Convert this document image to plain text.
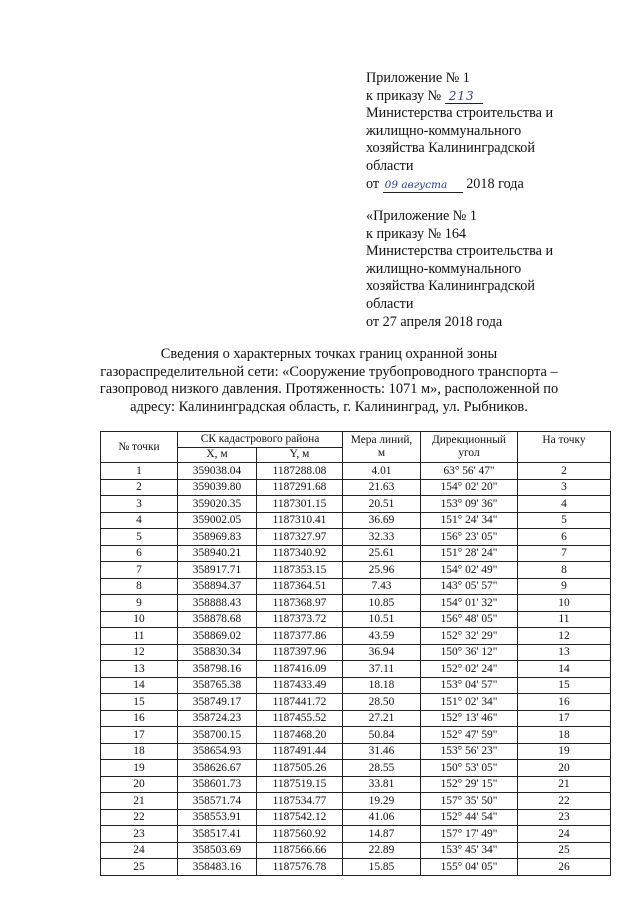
Приложение № 1
к приказу № 213
Министерства строительства и
жилищно-коммунального
хозяйства Калининградской
области
от 09 августа 2018 года
«Приложение № 1
к приказу № 164
Министерства строительства и
жилищно-коммунального
хозяйства Калининградской
области
от 27 апреля 2018 года
Сведения о характерных точках границ охранной зоны
газораспределительной сети: «Сооружение трубопроводного транспорта –
газопровод низкого давления. Протяженность: 1071 м», расположенной по
адресу: Калининградская область, г. Калининград, ул. Рыбников.
№ точки	СК кадастрового района		Мера линий, м	Дирекционный угол	На точку
	X, м	Y, м			
1	359038.04	1187288.08	4.01	63° 56' 47"	2
2	359039.80	1187291.68	21.63	154° 02' 20"	3
3	359020.35	1187301.15	20.51	153° 09' 36"	4
4	359002.05	1187310.41	36.69	151° 24' 34"	5
5	358969.83	1187327.97	32.33	156° 23' 05"	6
6	358940.21	1187340.92	25.61	151° 28' 24"	7
7	358917.71	1187353.15	25.96	154° 02' 49"	8
8	358894.37	1187364.51	7.43	143° 05' 57"	9
9	358888.43	1187368.97	10.85	154° 01' 32"	10
10	358878.68	1187373.72	10.51	156° 48' 05"	11
11	358869.02	1187377.86	43.59	152° 32' 29"	12
12	358830.34	1187397.96	36.94	150° 36' 12"	13
13	358798.16	1187416.09	37.11	152° 02' 24"	14
14	358765.38	1187433.49	18.18	153° 04' 57"	15
15	358749.17	1187441.72	28.50	151° 02' 34"	16
16	358724.23	1187455.52	27.21	152° 13' 46"	17
17	358700.15	1187468.20	50.84	152° 47' 59"	18
18	358654.93	1187491.44	31.46	153° 56' 23"	19
19	358626.67	1187505.26	28.55	150° 53' 05"	20
20	358601.73	1187519.15	33.81	152° 29' 15"	21
21	358571.74	1187534.77	19.29	157° 35' 50"	22
22	358553.91	1187542.12	41.06	152° 44' 54"	23
23	358517.41	1187560.92	14.87	157° 17' 49"	24
24	358503.69	1187566.66	22.89	153° 45' 34"	25
25	358483.16	1187576.78	15.85	155° 04' 05"	26
